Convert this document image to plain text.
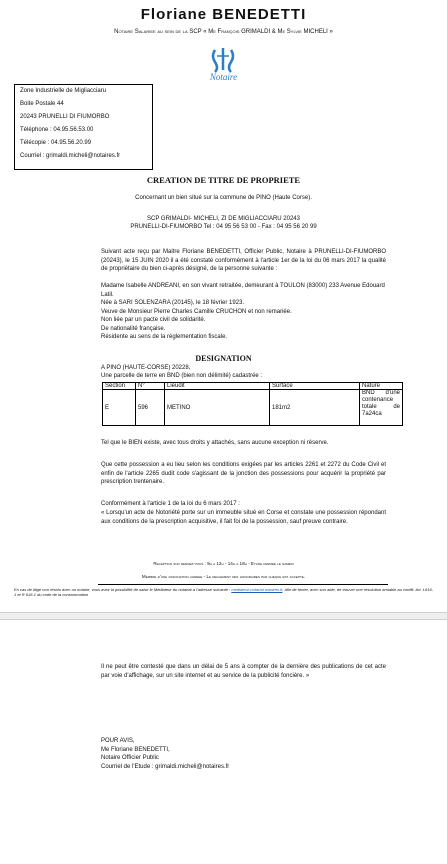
Floriane BENEDETTI
Notaire Salariee au sein de la SCP « Me François GRIMALDI & Me Sylvie MICHELI »
Notaire
Zone Industrielle de Migliacciaru
Boite Postale 44
20243 PRUNELLI DI FIUMORBO
Téléphone : 04.95.56.53.00
Télécopie : 04.95.56.20.99
Courriel : grimaldi.micheli@notaires.fr
CREATION DE TITRE DE PROPRIETE
Concernant un bien situé sur la commune de PINO (Haute Corse).
SCP GRIMALDI- MICHELI, ZI DE MIGLIACCIARU 20243
PRUNELLI-DI-FIUMORBO Tel : 04 95 56 53 00 - Fax : 04 95 56 20 99
Suivant acte reçu par Maitre Floriane BENEDETTI, Officier Public, Notaire à PRUNELLI-DI-FIUMORBO (20243), le 15 JUIN 2020 il a été constaté conformément à l'article 1er de la loi du 06 mars 2017 la qualité de propriétaire du bien ci-après désigné, de la personne suivante :
Madame Isabelle ANDREANI, en son vivant retraitée, demeurant à TOULON (83000) 233 Avenue Edouard Latil.
Née à SARI SOLENZARA (20145), le 18 février 1923.
Veuve de Monsieur Pierre Charles Camille CRUCHON et non remariée.
Non liée par un pacte civil de solidarité.
De nationalité française.
Résidente au sens de la réglementation fiscale.
DESIGNATION
A PINO (HAUTE-CORSE) 20228,
Une parcelle de terre en BND (bien non délimité) cadastrée :
Section	N°	Lieudit	Surface	Nature
E	596	METINO	181m2	BND d'une contenance totale de 7a24ca
Tel que le BIEN existe, avec tous droits y attachés, sans aucune exception ni réserve.
Que cette possession a eu lieu selon les conditions exigées par les articles 2261 et 2272 du Code Civil et enfin de l'article 2265 dudit code s'agissant de la jonction des possessions pour acquérir la propriété par prescription trentenaire.
Conformément à l'article 1 de la loi du 6 mars 2017 :
« Lorsqu'un acte de Notoriété porte sur un immeuble situé en Corse et constate une possession répondant aux conditions de la prescription acquisitive, il fait foi de la possession, sauf preuve contraire.
Reception sur rendez-vous : 9h a 12h - 14h a 18h - Etude fermee le samedi
Membre d'une association agreee - Le reglement des honoraires par cheque est accepte.
En cas de litige non résolu avec un notaire, vous avez la possibilité de saisir le Médiateur du notariat à l'adresse suivante : mediateur-notariat.notaires.fr, afin de tenter, avec son aide, de trouver une résolution amiable au conflit. Art. L616-1 et R 616-1 du code de la consommation
Il ne peut être contesté que dans un délai de 5 ans à compter de la dernière des publications de cet acte par voie d'affichage, sur un site internet et au service de la publicité foncière. »
POUR AVIS,
Me Floriane BENEDETTI,
Notaire Officier Public
Courriel de l'Etude : grimaldi.micheli@notaires.fr
